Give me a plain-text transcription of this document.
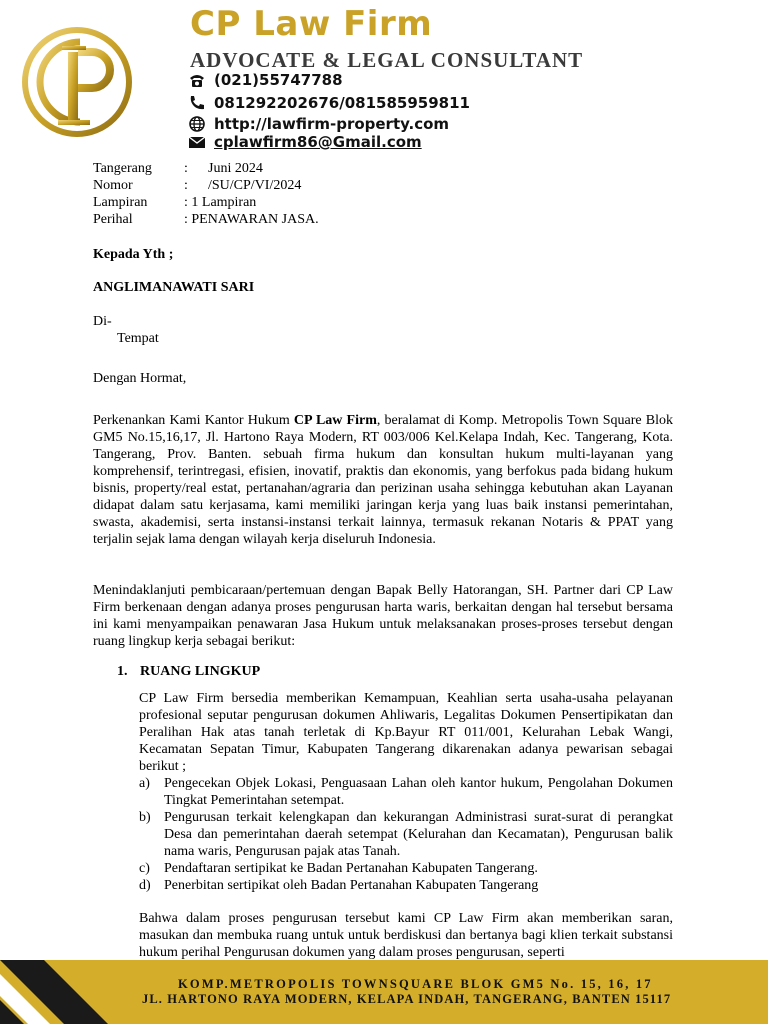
CP Law Firm
ADVOCATE & LEGAL CONSULTANT
(021)55747788
081292202676/081585959811
http://lawfirm-property.com
cplawfirm86@Gmail.com
Tangerang	:	Juni 2024
Nomor	:	/SU/CP/VI/2024
Lampiran	: 1 Lampiran
Perihal	: PENAWARAN JASA.
Kepada Yth ;
ANGLIMANAWATI SARI
Di-
Tempat
Dengan Hormat,
Perkenankan Kami Kantor Hukum CP Law Firm, beralamat di Komp. Metropolis Town Square Blok GM5 No.15,16,17, Jl. Hartono Raya Modern, RT 003/006 Kel.Kelapa Indah, Kec. Tangerang, Kota. Tangerang, Prov. Banten. sebuah firma hukum dan konsultan hukum multi-layanan yang komprehensif, terintregasi, efisien, inovatif, praktis dan ekonomis, yang berfokus pada bidang hukum bisnis, property/real estat, pertanahan/agraria dan perizinan usaha sehingga kebutuhan akan Layanan didapat dalam satu kerjasama, kami memiliki jaringan kerja yang luas baik instansi pemerintahan, swasta, akademisi, serta instansi-instansi terkait lainnya, termasuk rekanan Notaris & PPAT yang terjalin sejak lama dengan wilayah kerja diseluruh Indonesia.
Menindaklanjuti pembicaraan/pertemuan dengan Bapak Belly Hatorangan, SH. Partner dari CP Law Firm berkenaan dengan adanya proses pengurusan harta waris, berkaitan dengan hal tersebut bersama ini kami menyampaikan penawaran Jasa Hukum untuk melaksanakan proses-proses tersebut dengan ruang lingkup kerja sebagai berikut:
1. RUANG LINGKUP
CP Law Firm bersedia memberikan Kemampuan, Keahlian serta usaha-usaha pelayanan profesional seputar pengurusan dokumen Ahliwaris, Legalitas Dokumen Pensertipikatan dan Peralihan Hak atas tanah terletak di Kp.Bayur RT 011/001, Kelurahan Lebak Wangi, Kecamatan Sepatan Timur, Kabupaten Tangerang dikarenakan adanya pewarisan sebagai berikut ;
a)	Pengecekan Objek Lokasi, Penguasaan Lahan oleh kantor hukum, Pengolahan Dokumen Tingkat Pemerintahan setempat.
b) Pengurusan terkait kelengkapan dan kekurangan Administrasi surat-surat di perangkat Desa dan pemerintahan daerah setempat (Kelurahan dan Kecamatan), Pengurusan balik nama waris, Pengurusan pajak atas Tanah.
c)	Pendaftaran sertipikat ke Badan Pertanahan Kabupaten Tangerang.
d) Penerbitan sertipikat oleh Badan Pertanahan Kabupaten Tangerang
Bahwa dalam proses pengurusan tersebut kami CP Law Firm akan memberikan saran, masukan dan membuka ruang untuk untuk berdiskusi dan bertanya bagi klien terkait substansi hukum perihal Pengurusan dokumen yang dalam proses pengurusan, seperti
KOMP.METROPOLIS TOWNSQUARE BLOK GM5 No. 15, 16, 17
JL. HARTONO RAYA MODERN, KELAPA INDAH, TANGERANG, BANTEN 15117
